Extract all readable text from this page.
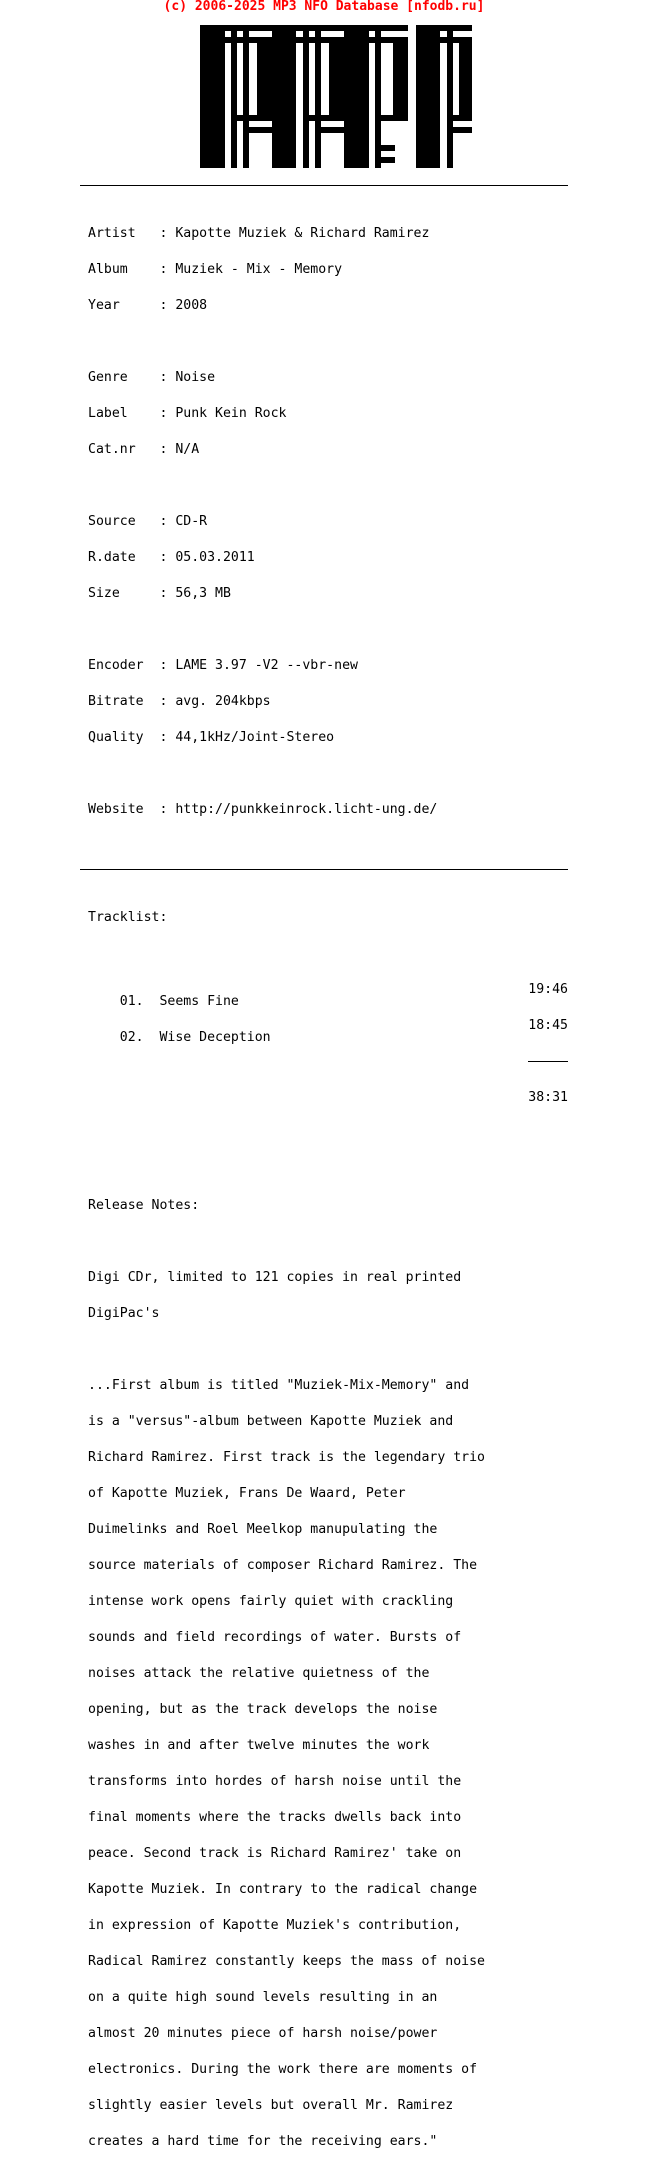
(c) 2006-2025 MP3 NFO Database [nfodb.ru]

Artist   : Kapotte Muziek & Richard Ramirez

Album    : Muziek - Mix - Memory

Year     : 2008

Genre    : Noise

Label    : Punk Kein Rock

Cat.nr   : N/A

Source   : CD-R

R.date   : 05.03.2011

Size     : 56,3 MB

Encoder  : LAME 3.97 -V2 --vbr-new

Bitrate  : avg. 204kbps

Quality  : 44,1kHz/Joint-Stereo

Website  : http://punkkeinrock.licht-ung.de/

Tracklist:

01.  Seems Fine

19:46

02.  Wise Deception

18:45

38:31

Release Notes:

Digi CDr, limited to 121 copies in real printed

DigiPac's

...First album is titled "Muziek-Mix-Memory" and

is a "versus"-album between Kapotte Muziek and

Richard Ramirez. First track is the legendary trio

of Kapotte Muziek, Frans De Waard, Peter

Duimelinks and Roel Meelkop manupulating the

source materials of composer Richard Ramirez. The

intense work opens fairly quiet with crackling

sounds and field recordings of water. Bursts of

noises attack the relative quietness of the

opening, but as the track develops the noise

washes in and after twelve minutes the work

transforms into hordes of harsh noise until the

final moments where the tracks dwells back into

peace. Second track is Richard Ramirez' take on

Kapotte Muziek. In contrary to the radical change

in expression of Kapotte Muziek's contribution,

Radical Ramirez constantly keeps the mass of noise

on a quite high sound levels resulting in an

almost 20 minutes piece of harsh noise/power

electronics. During the work there are moments of

slightly easier levels but overall Mr. Ramirez

creates a hard time for the receiving ears."
